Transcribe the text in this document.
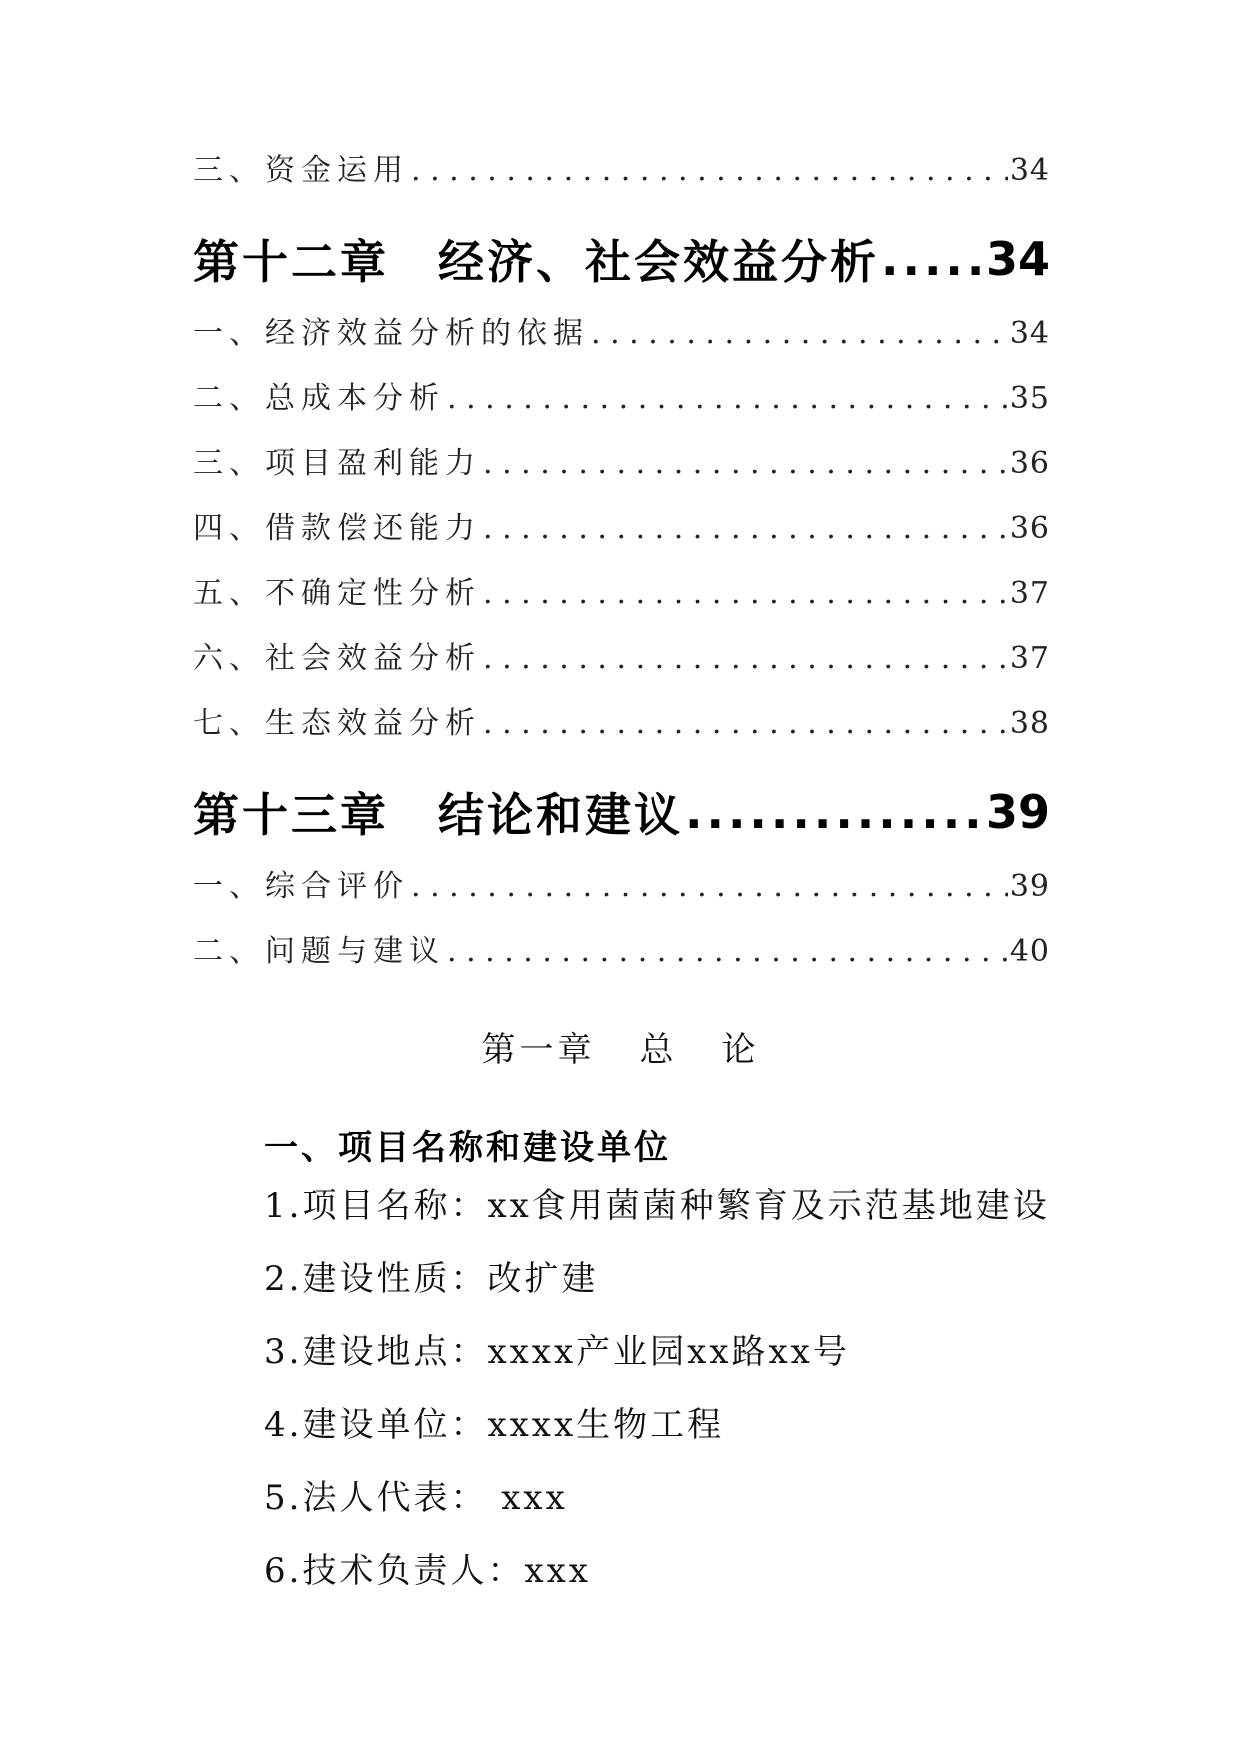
三、资金运用 . . .	34
第十二章　经济、社会效益分析 ..... 34
一、经济效益分析的依据 . . .	34
二、总成本分析 . . .	35
三、项目盈利能力 . . .	36
四、借款偿还能力 . . .	36
五、不确定性分析 . . .	37
六、社会效益分析 . . .	37
七、生态效益分析 . . .	38
第十三章　结论和建议 .....	39
一、综合评价 . . .	39
二、问题与建议 . . .	40
第一章 总 论
一、项目名称和建设单位
1.项目名称：xx食用菌菌种繁育及示范基地建设
2.建设性质：改扩建
3.建设地点：xxxx产业园xx路xx号
4.建设单位：xxxx生物工程
5.法人代表： xxx
6.技术负责人：xxx
